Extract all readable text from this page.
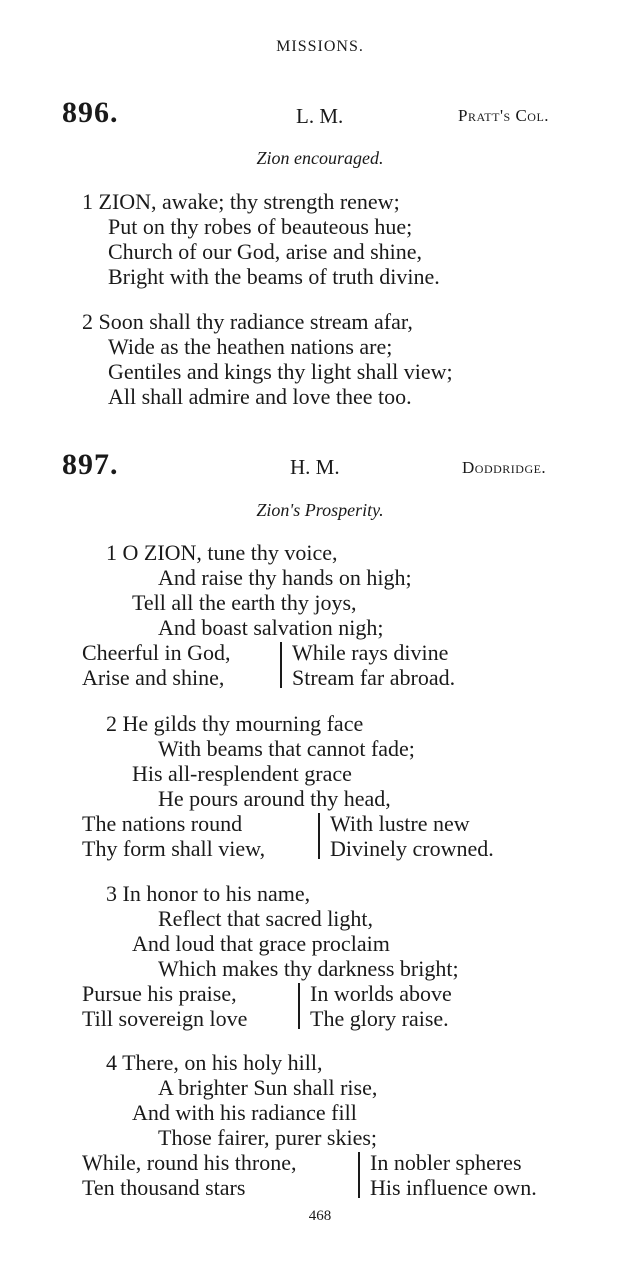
MISSIONS.
896.	L. M.	Pratt's Col.
Zion encouraged.
1 ZION, awake; thy strength renew;
Put on thy robes of beauteous hue;
Church of our God, arise and shine,
Bright with the beams of truth divine.
2 Soon shall thy radiance stream afar,
Wide as the heathen nations are;
Gentiles and kings thy light shall view;
All shall admire and love thee too.
897.	H. M.	Doddridge.
Zion's Prosperity.
1 O ZION, tune thy voice,
And raise thy hands on high;
Tell all the earth thy joys,
And boast salvation nigh;
Cheerful in God,
Arise and shine,
While rays divine
Stream far abroad.
2 He gilds thy mourning face
With beams that cannot fade;
His all-resplendent grace
He pours around thy head,
The nations round
Thy form shall view,
With lustre new
Divinely crowned.
3 In honor to his name,
Reflect that sacred light,
And loud that grace proclaim
Which makes thy darkness bright;
Pursue his praise,
Till sovereign love
In worlds above
The glory raise.
4 There, on his holy hill,
A brighter Sun shall rise,
And with his radiance fill
Those fairer, purer skies;
While, round his throne,
Ten thousand stars
In nobler spheres
His influence own.
468
